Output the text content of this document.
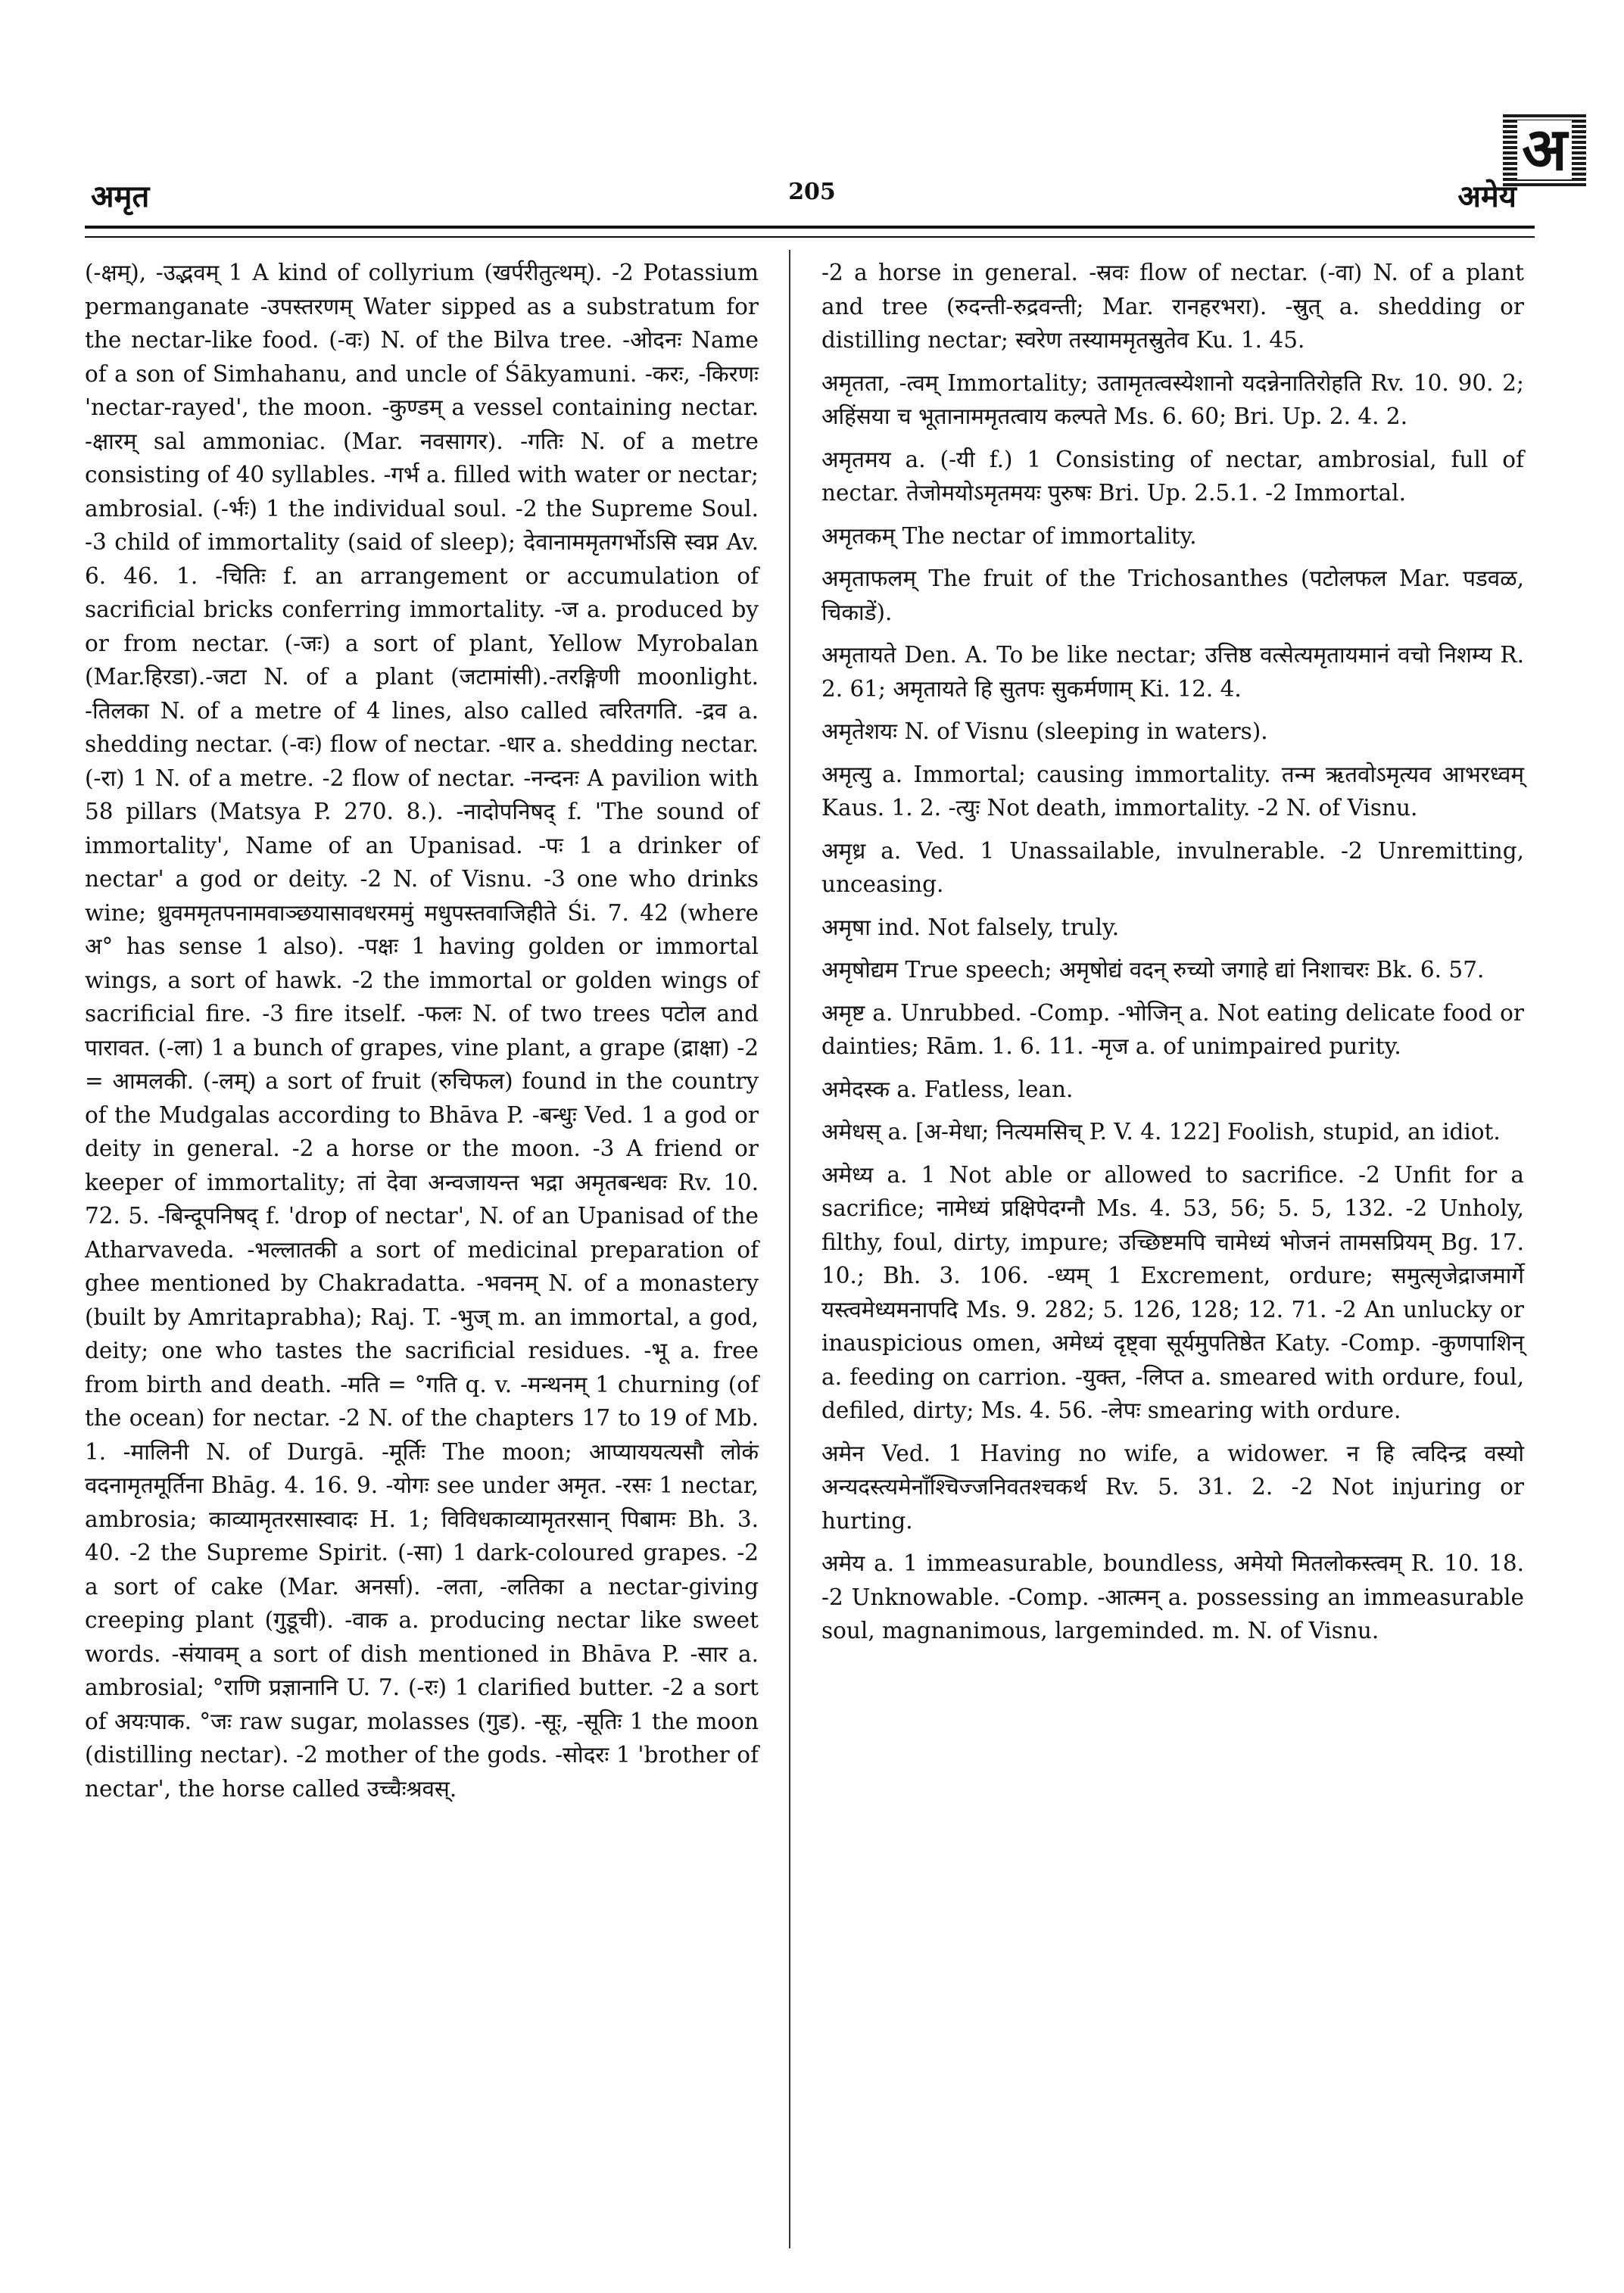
अ
अमृत	205	अमेय

(-क्षम्), -उद्भवम् 1 A kind of collyrium (खर्परीतुत्थम्). -2 Potassium permanganate -उपस्तरणम् Water sipped as a substratum for the nectar-like food. (-वः) N. of the Bilva tree. -ओदनः Name of a son of Simhahanu, and uncle of Śākyamuni. -करः, -किरणः 'nectar-rayed', the moon. -कुण्डम् a vessel containing nectar. -क्षारम् sal ammoniac. (Mar. नवसागर). -गतिः N. of a metre consisting of 40 syllables. -गर्भ a. filled with water or nectar; ambrosial. (-र्भः) 1 the individual soul. -2 the Supreme Soul. -3 child of immortality (said of sleep); देवानाममृतगर्भोऽसि स्वप्न Av. 6. 46. 1. -चितिः f. an arrangement or accumulation of sacrificial bricks conferring immortality. -ज a. produced by or from nectar. (-जः) a sort of plant, Yellow Myrobalan (Mar.हिरडा).-जटा N. of a plant (जटामांसी).-तरङ्गिणी moonlight. -तिलका N. of a metre of 4 lines, also called त्वरितगति. -द्रव a. shedding nectar. (-वः) flow of nectar. -धार a. shedding nectar. (-रा) 1 N. of a metre. -2 flow of nectar. -नन्दनः A pavilion with 58 pillars (Matsya P. 270. 8.). -नादोपनिषद् f. 'The sound of immortality', Name of an Upanisad. -पः 1 a drinker of nectar' a god or deity. -2 N. of Visnu. -3 one who drinks wine; ध्रुवममृतपनामवाञ्छयासावधरममुं मधुपस्तवाजिहीते Śi. 7. 42 (where अ° has sense 1 also). -पक्षः 1 having golden or immortal wings, a sort of hawk. -2 the immortal or golden wings of sacrificial fire. -3 fire itself. -फलः N. of two trees पटोल and पारावत. (-ला) 1 a bunch of grapes, vine plant, a grape (द्राक्षा) -2 = आमलकी. (-लम्) a sort of fruit (रुचिफल) found in the country of the Mudgalas according to Bhāva P. -बन्धुः Ved. 1 a god or deity in general. -2 a horse or the moon. -3 A friend or keeper of immortality; तां देवा अन्वजायन्त भद्रा अमृतबन्धवः Rv. 10. 72. 5. -बिन्दूपनिषद् f. 'drop of nectar', N. of an Upanisad of the Atharvaveda. -भल्लातकी a sort of medicinal preparation of ghee mentioned by Chakradatta. -भवनम् N. of a monastery (built by Amritaprabha); Raj. T. -भुज् m. an immortal, a god, deity; one who tastes the sacrificial residues. -भू a. free from birth and death. -मति = °गति q. v. -मन्थनम् 1 churning (of the ocean) for nectar. -2 N. of the chapters 17 to 19 of Mb. 1. -मालिनी N. of Durgā. -मूर्तिः The moon; आप्याययत्यसौ लोकं वदनामृतमूर्तिना Bhāg. 4. 16. 9. -योगः see under अमृत. -रसः 1 nectar, ambrosia; काव्यामृतरसास्वादः H. 1; विविधकाव्यामृतरसान् पिबामः Bh. 3. 40. -2 the Supreme Spirit. (-सा) 1 dark-coloured grapes. -2 a sort of cake (Mar. अनर्सा). -लता, -लतिका a nectar-giving creeping plant (गुडूची). -वाक a. producing nectar like sweet words. -संयावम् a sort of dish mentioned in Bhāva P. -सार a. ambrosial; °राणि प्रज्ञानानि U. 7. (-रः) 1 clarified butter. -2 a sort of अयःपाक. °जः raw sugar, molasses (गुड). -सूः, -सूतिः 1 the moon (distilling nectar). -2 mother of the gods. -सोदरः 1 'brother of nectar', the horse called उच्चैःश्रवस्.

-2 a horse in general. -स्रवः flow of nectar. (-वा) N. of a plant and tree (रुदन्ती-रुद्रवन्ती; Mar. रानहरभरा). -स्रुत् a. shedding or distilling nectar; स्वरेण तस्याममृतस्रुतेव Ku. 1. 45.

अमृतता, -त्वम् Immortality; उतामृतत्वस्येशानो यदन्नेनातिरोहति Rv. 10. 90. 2; अहिंसया च भूतानाममृतत्वाय कल्पते Ms. 6. 60; Bri. Up. 2. 4. 2.

अमृतमय a. (-यी f.) 1 Consisting of nectar, ambrosial, full of nectar. तेजोमयोऽमृतमयः पुरुषः Bri. Up. 2.5.1. -2 Immortal.

अमृतकम् The nectar of immortality.

अमृताफलम् The fruit of the Trichosanthes (पटोलफल Mar. पडवळ, चिकाडें).

अमृतायते Den. A. To be like nectar; उत्तिष्ठ वत्सेत्यमृतायमानं वचो निशम्य R. 2. 61; अमृतायते हि सुतपः सुकर्मणाम् Ki. 12. 4.

अमृतेशयः N. of Visnu (sleeping in waters).

अमृत्यु a. Immortal; causing immortality. तन्म ऋतवोऽमृत्यव आभरध्वम् Kaus. 1. 2. -त्युः Not death, immortality. -2 N. of Visnu.

अमृध्र a. Ved. 1 Unassailable, invulnerable. -2 Unremitting, unceasing.

अमृषा ind. Not falsely, truly.

अमृषोद्यम True speech; अमृषोद्यं वदन् रुच्यो जगाहे द्यां निशाचरः Bk. 6. 57.

अमृष्ट a. Unrubbed. -Comp. -भोजिन् a. Not eating delicate food or dainties; Rām. 1. 6. 11. -मृज a. of unimpaired purity.

अमेदस्क a. Fatless, lean.

अमेधस् a. [अ-मेधा; नित्यमसिच् P. V. 4. 122] Foolish, stupid, an idiot.

अमेध्य a. 1 Not able or allowed to sacrifice. -2 Unfit for a sacrifice; नामेध्यं प्रक्षिपेदग्नौ Ms. 4. 53, 56; 5. 5, 132. -2 Unholy, filthy, foul, dirty, impure; उच्छिष्टमपि चामेध्यं भोजनं तामसप्रियम् Bg. 17. 10.; Bh. 3. 106. -ध्यम् 1 Excrement, ordure; समुत्सृजेद्राजमार्गे यस्त्वमेध्यमनापदि Ms. 9. 282; 5. 126, 128; 12. 71. -2 An unlucky or inauspicious omen, अमेध्यं दृष्ट्वा सूर्यमुपतिष्ठेत Katy. -Comp. -कुणपाशिन् a. feeding on carrion. -युक्त, -लिप्त a. smeared with ordure, foul, defiled, dirty; Ms. 4. 56. -लेपः smearing with ordure.

अमेन Ved. 1 Having no wife, a widower. न हि त्वदिन्द्र वस्यो अन्यदस्त्यमेनाँश्चिज्जनिवतश्चकर्थ Rv. 5. 31. 2. -2 Not injuring or hurting.

अमेय a. 1 immeasurable, boundless, अमेयो मितलोकस्त्वम् R. 10. 18. -2 Unknowable. -Comp. -आत्मन् a. possessing an immeasurable soul, magnanimous, largeminded. m. N. of Visnu.
